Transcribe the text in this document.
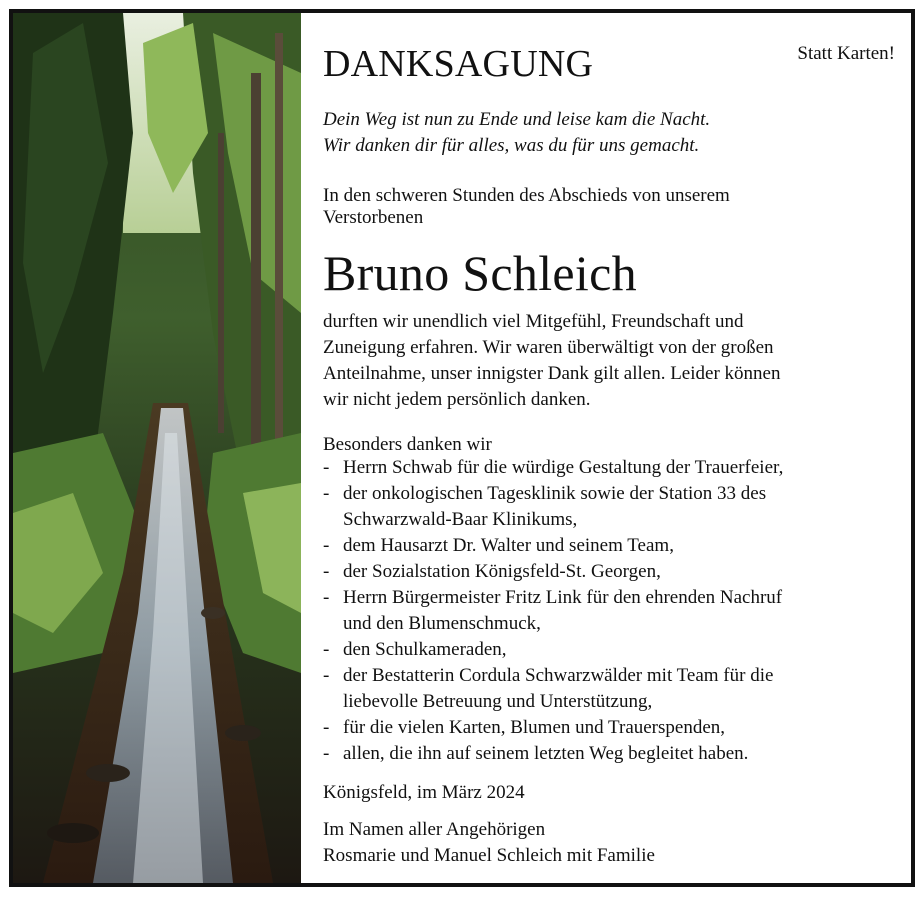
DANKSAGUNG	Statt Karten!
Dein Weg ist nun zu Ende und leise kam die Nacht.
Wir danken dir für alles, was du für uns gemacht.
In den schweren Stunden des Abschieds von unserem
Verstorbenen
Bruno Schleich
durften wir unendlich viel Mitgefühl, Freundschaft und
Zuneigung erfahren. Wir waren überwältigt von der großen
Anteilnahme, unser innigster Dank gilt allen. Leider können
wir nicht jedem persönlich danken.
Besonders danken wir
- Herrn Schwab für die würdige Gestaltung der Trauerfeier,
- der onkologischen Tagesklinik sowie der Station 33 des
Schwarzwald-Baar Klinikums,
- dem Hausarzt Dr. Walter und seinem Team,
- der Sozialstation Königsfeld-St. Georgen,
- Herrn Bürgermeister Fritz Link für den ehrenden Nachruf
und den Blumenschmuck,
- den Schulkameraden,
- der Bestatterin Cordula Schwarzwälder mit Team für die
liebevolle Betreuung und Unterstützung,
- für die vielen Karten, Blumen und Trauerspenden,
- allen, die ihn auf seinem letzten Weg begleitet haben.
Königsfeld, im März 2024
Im Namen aller Angehörigen
Rosmarie und Manuel Schleich mit Familie
